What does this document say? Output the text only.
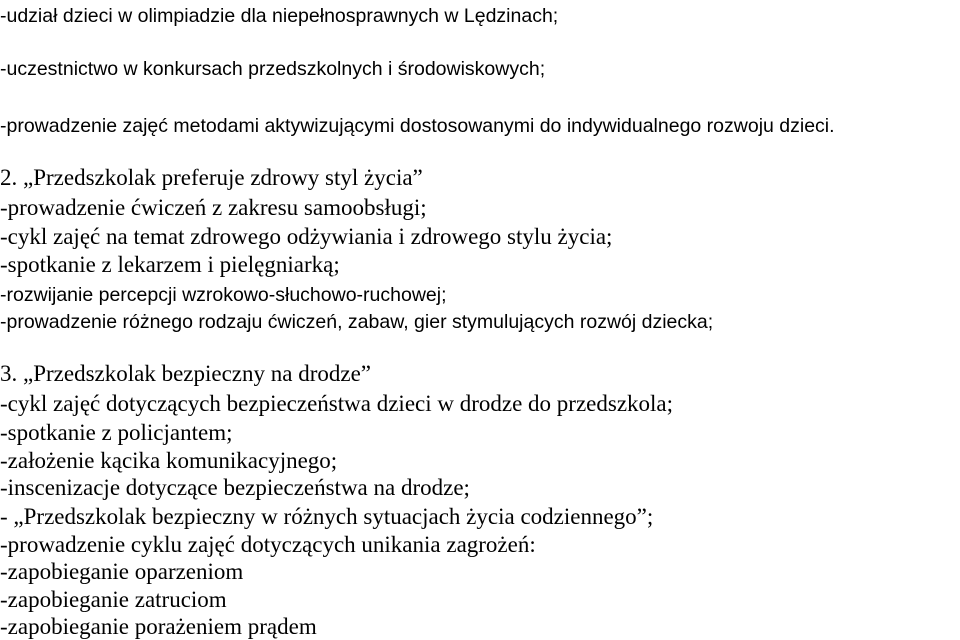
-udział dzieci w olimpiadzie dla niepełnosprawnych w Lędzinach;
-uczestnictwo w konkursach przedszkolnych i środowiskowych;
-prowadzenie zajęć metodami aktywizującymi dostosowanymi do indywidualnego rozwoju dzieci.
2. „Przedszkolak preferuje zdrowy styl życia”
-prowadzenie ćwiczeń z zakresu samoobsługi;
-cykl zajęć na temat zdrowego odżywiania i zdrowego stylu życia;
-spotkanie z lekarzem i pielęgniarką;
-rozwijanie percepcji wzrokowo-słuchowo-ruchowej;
-prowadzenie różnego rodzaju ćwiczeń, zabaw, gier stymulujących rozwój dziecka;
3. „Przedszkolak bezpieczny na drodze”
-cykl zajęć dotyczących bezpieczeństwa dzieci w drodze do przedszkola;
-spotkanie z policjantem;
-założenie kącika komunikacyjnego;
-inscenizacje dotyczące bezpieczeństwa na drodze;
- „Przedszkolak bezpieczny w różnych sytuacjach życia codziennego”;
-prowadzenie cyklu zajęć dotyczących unikania zagrożeń:
-zapobieganie oparzeniom
-zapobieganie zatruciom
-zapobieganie porażeniem prądem
